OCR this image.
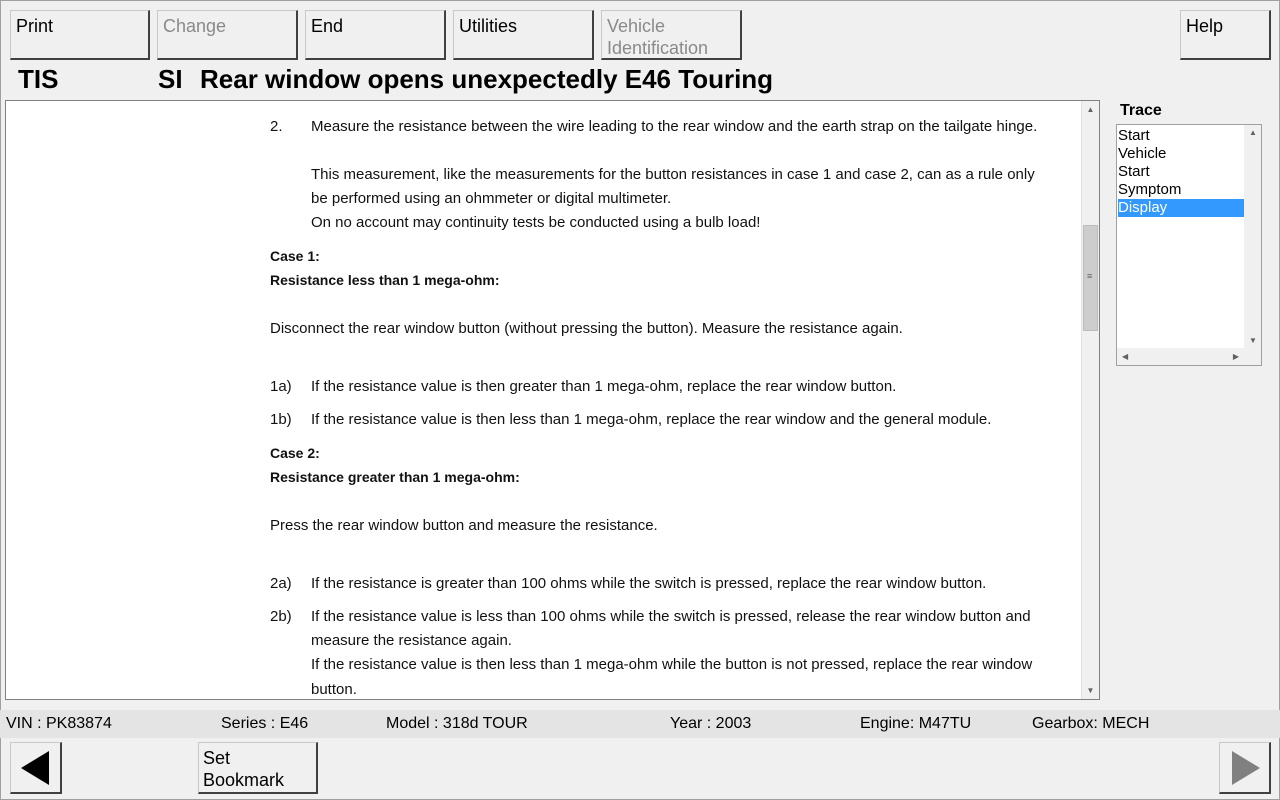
Print	Change	End	Utilities	Vehicle
Identification
Help
TIS	SI Rear window opens unexpectedly E46 Touring
2. Measure the resistance between the wire leading to the rear window and the earth strap on the tailgate hinge.
This measurement, like the measurements for the button resistances in case 1 and case 2, can as a rule only
be performed using an ohmmeter or digital multimeter.
On no account may continuity tests be conducted using a bulb load!
Case 1:
Resistance less than 1 mega-ohm:
Disconnect the rear window button (without pressing the button). Measure the resistance again.
1a) If the resistance value is then greater than 1 mega-ohm, replace the rear window button.
1b) If the resistance value is then less than 1 mega-ohm, replace the rear window and the general module.
Case 2:
Resistance greater than 1 mega-ohm:
Press the rear window button and measure the resistance.
2a) If the resistance is greater than 100 ohms while the switch is pressed, replace the rear window button.
2b) If the resistance value is less than 100 ohms while the switch is pressed, release the rear window button and
measure the resistance again.
If the resistance value is then less than 1 mega-ohm while the button is not pressed, replace the rear window
button.
▲
≡
▼
Trace
Start
Vehicle
Start
Symptom
Display
▲
▼
◀	▶
VIN : PK83874	Series : E46	Model : 318d TOUR	Year : 2003	Engine: M47TU	Gearbox: MECH
Set
Bookmark
